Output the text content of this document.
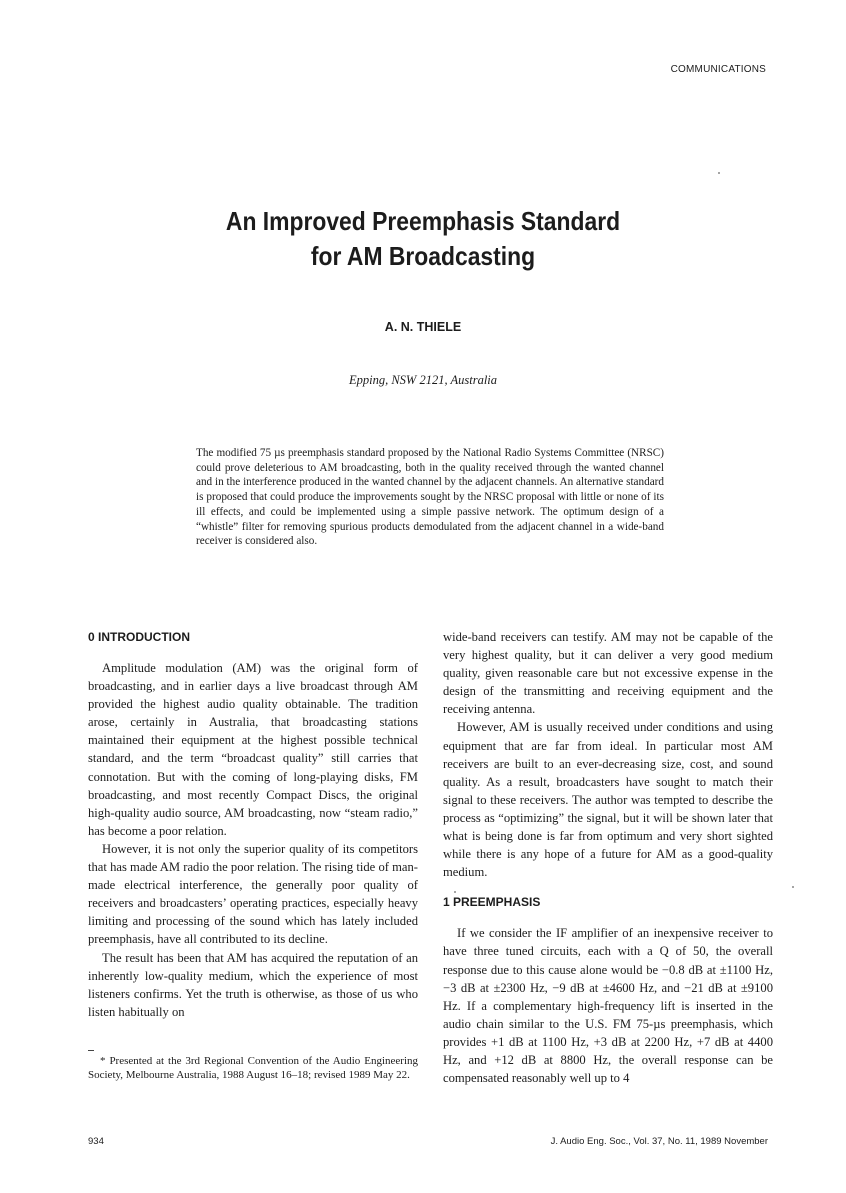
COMMUNICATIONS
An Improved Preemphasis Standard
for AM Broadcasting
A. N. THIELE
Epping, NSW 2121, Australia
The modified 75 µs preemphasis standard proposed by the National Radio Systems Committee (NRSC) could prove deleterious to AM broadcasting, both in the quality received through the wanted channel and in the interference produced in the wanted channel by the adjacent channels. An alternative standard is proposed that could produce the improvements sought by the NRSC proposal with little or none of its ill effects, and could be implemented using a simple passive network. The optimum design of a “whistle” filter for removing spurious products demodulated from the adjacent channel in a wide-band receiver is considered also.
0 INTRODUCTION

Amplitude modulation (AM) was the original form of broadcasting, and in earlier days a live broadcast through AM provided the highest audio quality obtainable. The tradition arose, certainly in Australia, that broadcasting stations maintained their equipment at the highest possible technical standard, and the term “broadcast quality” still carries that connotation. But with the coming of long-playing disks, FM broadcasting, and most recently Compact Discs, the original high-quality audio source, AM broadcasting, now “steam radio,” has become a poor relation.

However, it is not only the superior quality of its competitors that has made AM radio the poor relation. The rising tide of man-made electrical interference, the generally poor quality of receivers and broadcasters’ operating practices, especially heavy limiting and processing of the sound which has lately included preemphasis, have all contributed to its decline.

The result has been that AM has acquired the reputation of an inherently low-quality medium, which the experience of most listeners confirms. Yet the truth is otherwise, as those of us who listen habitually on

wide-band receivers can testify. AM may not be capable of the very highest quality, but it can deliver a very good medium quality, given reasonable care but not excessive expense in the design of the transmitting and receiving equipment and the receiving antenna.

However, AM is usually received under conditions and using equipment that are far from ideal. In particular most AM receivers are built to an ever-decreasing size, cost, and sound quality. As a result, broadcasters have sought to match their signal to these receivers. The author was tempted to describe the process as “optimizing” the signal, but it will be shown later that what is being done is far from optimum and very short sighted while there is any hope of a future for AM as a good-quality medium.

1 PREEMPHASIS

If we consider the IF amplifier of an inexpensive receiver to have three tuned circuits, each with a Q of 50, the overall response due to this cause alone would be −0.8 dB at ±1100 Hz, −3 dB at ±2300 Hz, −9 dB at ±4600 Hz, and −21 dB at ±9100 Hz. If a complementary high-frequency lift is inserted in the audio chain similar to the U.S. FM 75-µs preemphasis, which provides +1 dB at 1100 Hz, +3 dB at 2200 Hz, +7 dB at 4400 Hz, and +12 dB at 8800 Hz, the overall response can be compensated reasonably well up to 4

* Presented at the 3rd Regional Convention of the Audio Engineering Society, Melbourne Australia, 1988 August 16–18; revised 1989 May 22.
934	J. Audio Eng. Soc., Vol. 37, No. 11, 1989 November
